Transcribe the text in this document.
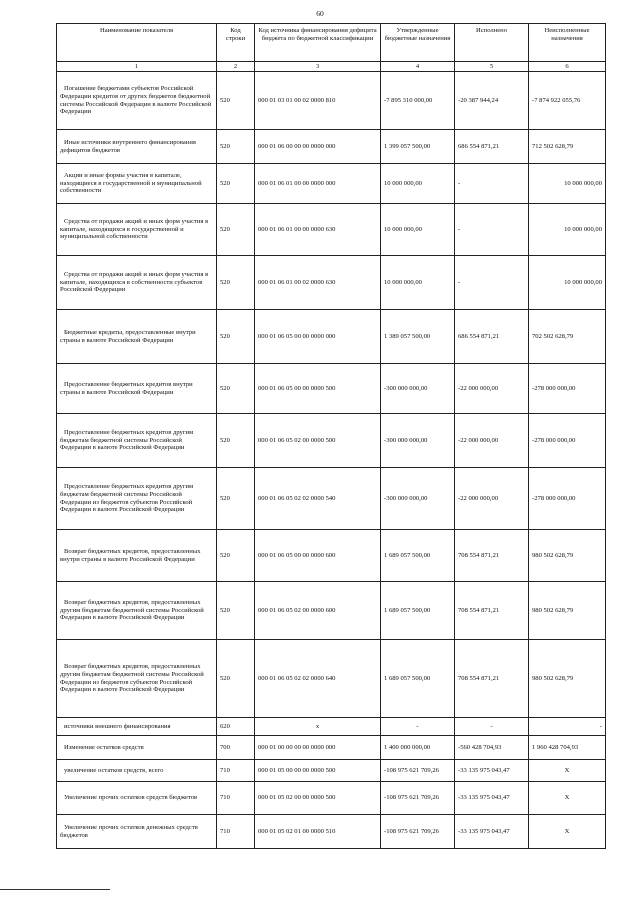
60
Наименование показателя	Код строки	Код источника финансирования дефицита бюджета по бюджетной классификации	Утвержденные бюджетные назначения	Исполнено	Неисполненные назначения
1	2	3	4	5	6
Погашение бюджетами субъектов Российской Федерации кредитов от других бюджетов бюджетной системы Российской Федерации в валюте Российской Федерации	520	000 01 03 01 00 02 0000 810	-7 895 310 000,00	-20 387 944,24	-7 874 922 055,76
Иные источники внутреннего финансирования дефицитов бюджетов	520	000 01 06 00 00 00 0000 000	1 399 057 500,00	686 554 871,21	712 502 628,79
Акции и иные формы участия в капитале, находящиеся в государственной и муниципальной собственности	520	000 01 06 01 00 00 0000 000	10 000 000,00	-	10 000 000,00
Средства от продажи акций и иных форм участия в капитале, находящихся в государственной и муниципальной собственности	520	000 01 06 01 00 00 0000 630	10 000 000,00	-	10 000 000,00
Средства от продажи акций и иных форм участия в капитале, находящихся в собственности субъектов Российской Федерации	520	000 01 06 01 00 02 0000 630	10 000 000,00	-	10 000 000,00
Бюджетные кредиты, предоставленные внутри страны в валюте Российской Федерации	520	000 01 06 05 00 00 0000 000	1 389 057 500,00	686 554 871,21	702 502 628,79
Предоставление бюджетных кредитов внутри страны в валюте Российской Федерации	520	000 01 06 05 00 00 0000 500	-300 000 000,00	-22 000 000,00	-278 000 000,00
Предоставление бюджетных кредитов другим бюджетам бюджетной системы Российской Федерации в валюте Российской Федерации	520	000 01 06 05 02 00 0000 500	-300 000 000,00	-22 000 000,00	-278 000 000,00
Предоставление бюджетных кредитов другим бюджетам бюджетной системы Российской Федерации из бюджетов субъектов Российской Федерации в валюте Российской Федерации	520	000 01 06 05 02 02 0000 540	-300 000 000,00	-22 000 000,00	-278 000 000,00
Возврат бюджетных кредитов, предоставленных внутри страны в валюте Российской Федерации	520	000 01 06 05 00 00 0000 600	1 689 057 500,00	708 554 871,21	980 502 628,79
Возврат бюджетных кредитов, предоставленных другим бюджетам бюджетной системы Российской Федерации в валюте Российской Федерации	520	000 01 06 05 02 00 0000 600	1 689 057 500,00	708 554 871,21	980 502 628,79
Возврат бюджетных кредитов, предоставленных другим бюджетам бюджетной системы Российской Федерации из бюджетов субъектов Российской Федерации в валюте Российской Федерации	520	000 01 06 05 02 02 0000 640	1 689 057 500,00	708 554 871,21	980 502 628,79
источники внешнего финансирования	620	х	-	-	-
Изменение остатков средств	700	000 01 00 00 00 00 0000 000	1 400 000 000,00	-560 428 704,93	1 960 428 704,93
увеличение остатков средств, всего	710	000 01 05 00 00 00 0000 500	-108 975 621 709,26	-33 135 975 043,47	Х
Увеличение прочих остатков средств бюджетов	710	000 01 05 02 00 00 0000 500	-108 975 621 709,26	-33 135 975 043,47	Х
Увеличение прочих остатков денежных средств бюджетов	710	000 01 05 02 01 00 0000 510	-108 975 621 709,26	-33 135 975 043,47	Х
